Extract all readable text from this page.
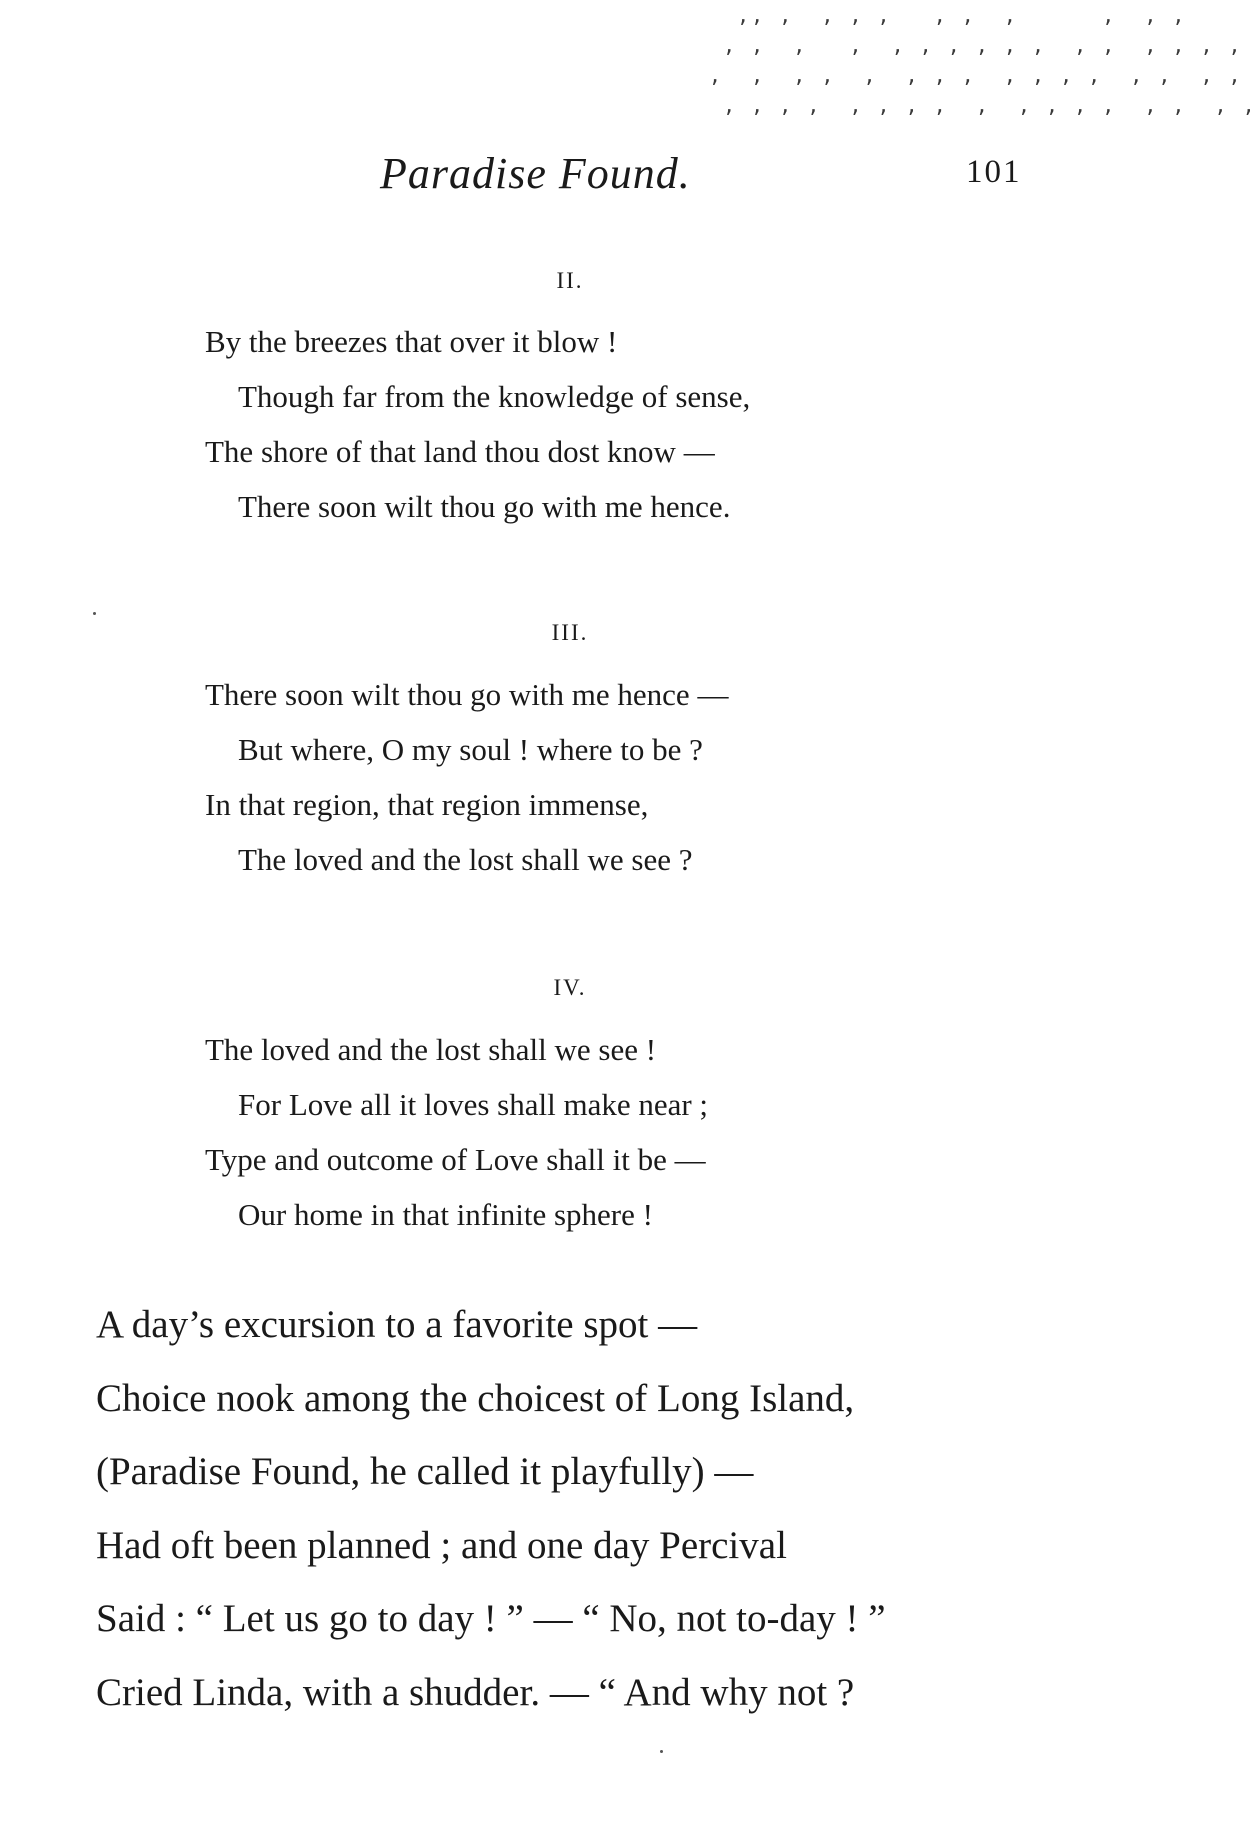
,, ,  , , ,   , ,  ,      ,  , ,
, ,  ,   ,  , , , , , ,  , ,  , , , ,
,  ,  , ,  ,  , , ,  , , , ,  , ,  , ,
, , , ,  , , , ,  ,  , , , ,  , ,  , ,
Paradise Found.	101
II.
By the breezes that over it blow !
Though far from the knowledge of sense,
The shore of that land thou dost know —
There soon wilt thou go with me hence.
III.
There soon wilt thou go with me hence —
But where, O my soul ! where to be ?
In that region, that region immense,
The loved and the lost shall we see ?
IV.
The loved and the lost shall we see !
For Love all it loves shall make near ;
Type and outcome of Love shall it be —
Our home in that infinite sphere !
A day’s excursion to a favorite spot —
Choice nook among the choicest of Long Island,
(Paradise Found, he called it playfully) —
Had oft been planned ; and one day Percival
Said : “ Let us go to day ! ” — “ No, not to-day ! ”
Cried Linda, with a shudder. — “ And why not ?
